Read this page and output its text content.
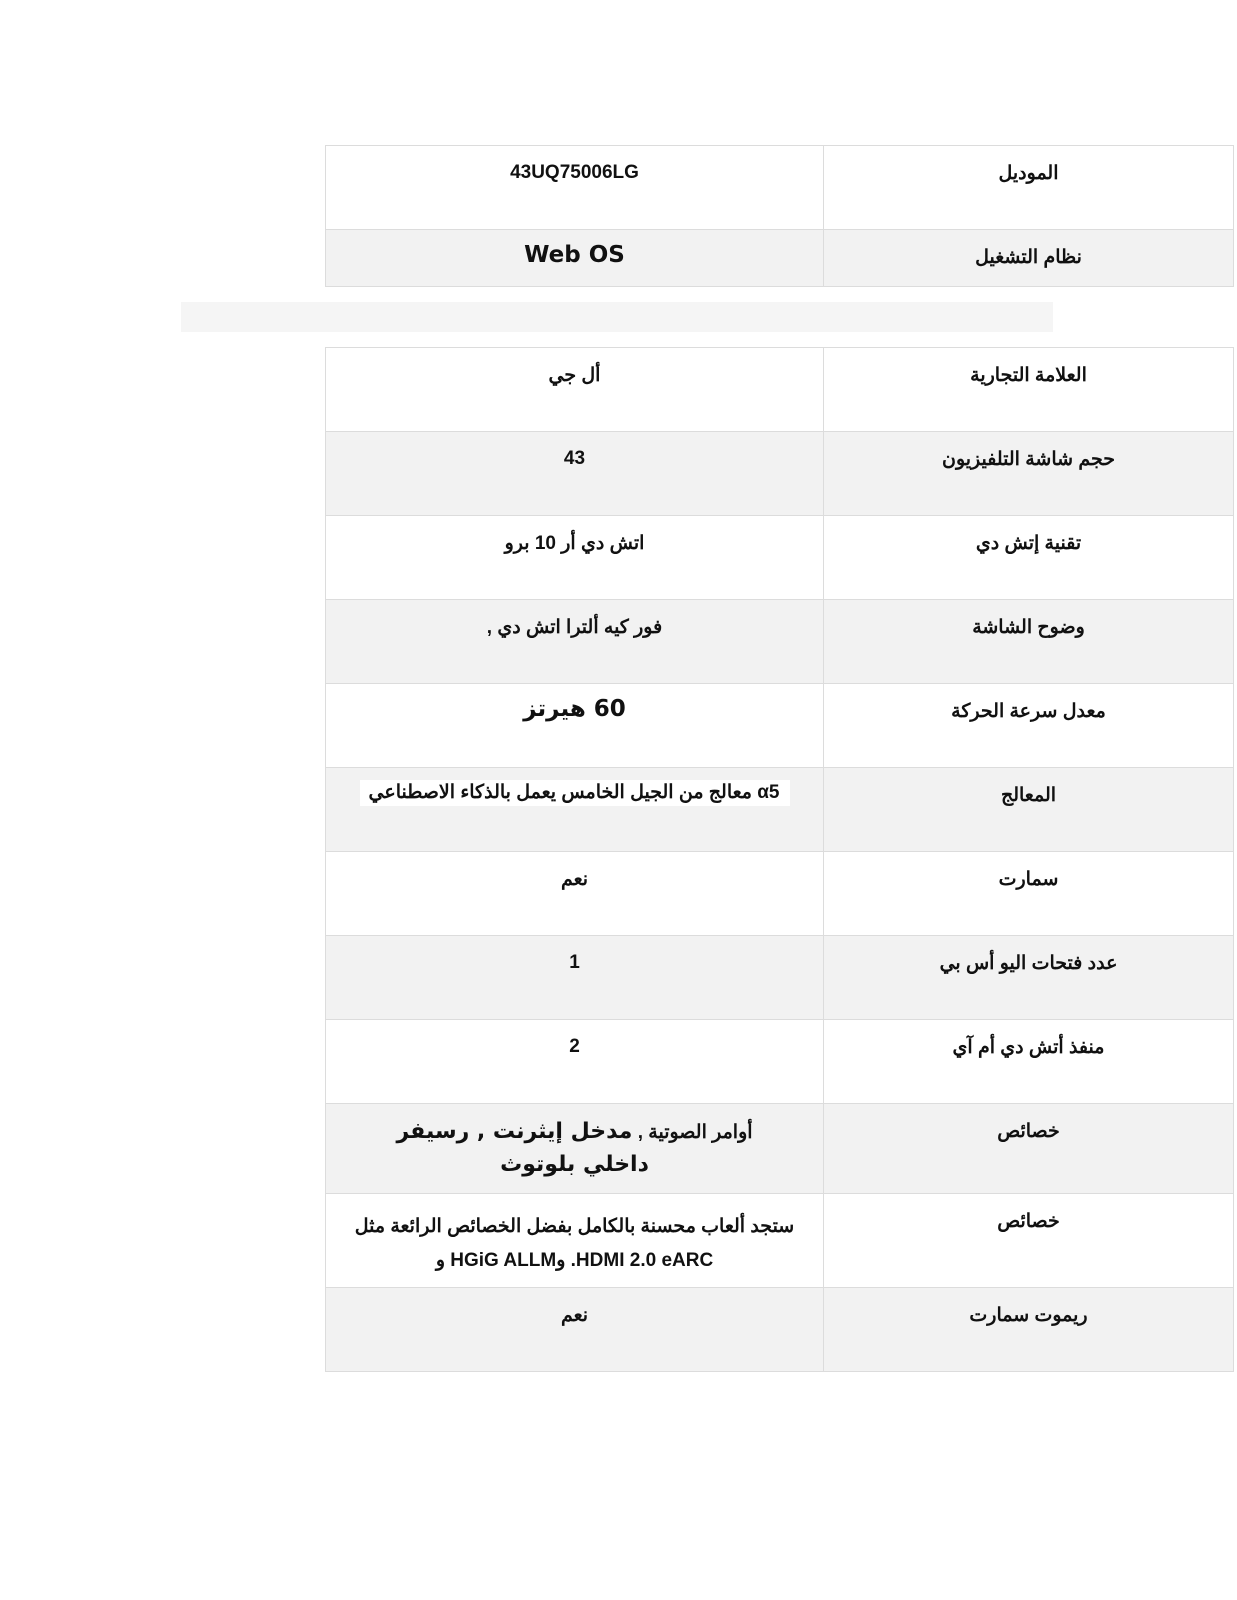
الموديل	43UQ75006LG
نظام التشغيل	Web OS
العلامة التجارية	أل جي
حجم شاشة التلفيزيون	43
تقنية إتش دي	اتش دي أر 10 برو
وضوح الشاشة	فور كيه ألترا اتش دي ,
معدل سرعة الحركة	60 هيرتز
المعالج	α5 معالج من الجيل الخامس يعمل بالذكاء الاصطناعي
سمارت	نعم
عدد فتحات اليو أس بي	1
منفذ أتش دي أم آي	2
خصائص	أوامر الصوتية , مدخل إيثرنت , رسيفر داخلي بلوتوث
خصائص	ستجد ألعاب محسنة بالكامل بفضل الخصائص الرائعة مثل
HDMI 2.0 eARC. وHGiG ALLM و

ريموت سمارت	نعم
